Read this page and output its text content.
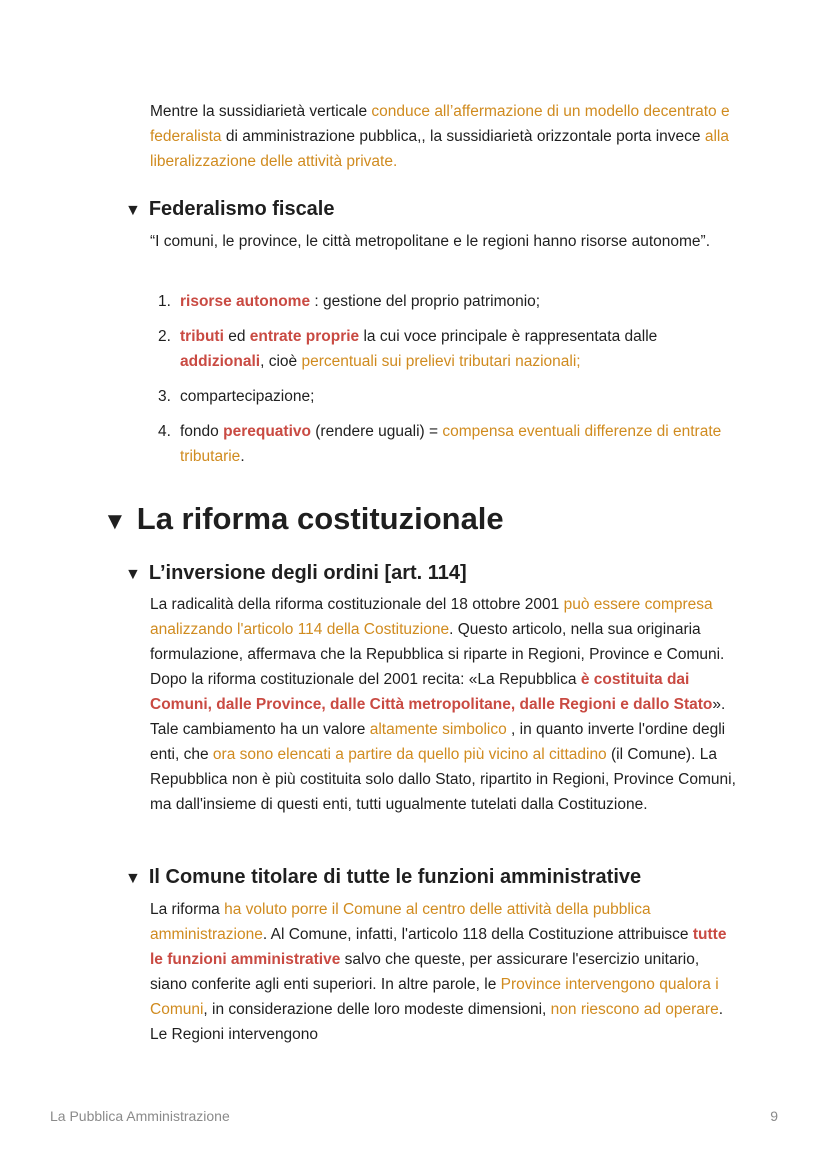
Mentre la sussidiarietà verticale conduce all’affermazione di un modello decentrato e federalista di amministrazione pubblica,, la sussidiarietà orizzontale porta invece alla liberalizzazione delle attività private.

▼ Federalismo fiscale

“I comuni, le province, le città metropolitane e le regioni hanno risorse autonome”.

1. risorse autonome : gestione del proprio patrimonio;
2. tributi ed entrate proprie la cui voce principale è rappresentata dalle addizionali, cioè percentuali sui prelievi tributari nazionali;
3. compartecipazione;
4. fondo perequativo (rendere uguali) = compensa eventuali differenze di entrate tributarie.
▼ La riforma costituzionale
▼ L’inversione degli ordini [art. 114]

La radicalità della riforma costituzionale del 18 ottobre 2001 può essere compresa analizzando l'articolo 114 della Costituzione. Questo articolo, nella sua originaria formulazione, affermava che la Repubblica si riparte in Regioni, Province e Comuni. Dopo la riforma costituzionale del 2001 recita: «La Repubblica è costituita dai Comuni, dalle Province, dalle Città metropolitane, dalle Regioni e dallo Stato». Tale cambiamento ha un valore altamente simbolico , in quanto inverte l'ordine degli enti, che ora sono elencati a partire da quello più vicino al cittadino (il Comune). La Repubblica non è più costituita solo dallo Stato, ripartito in Regioni, Province Comuni, ma dall'insieme di questi enti, tutti ugualmente tutelati dalla Costituzione.

▼ Il Comune titolare di tutte le funzioni amministrative

La riforma ha voluto porre il Comune al centro delle attività della pubblica amministrazione. Al Comune, infatti, l'articolo 118 della Costituzione attribuisce tutte le funzioni amministrative salvo che queste, per assicurare l'esercizio unitario, siano conferite agli enti superiori. In altre parole, le Province intervengono qualora i Comuni, in considerazione delle loro modeste dimensioni, non riescono ad operare. Le Regioni intervengono

La Pubblica Amministrazione	9
